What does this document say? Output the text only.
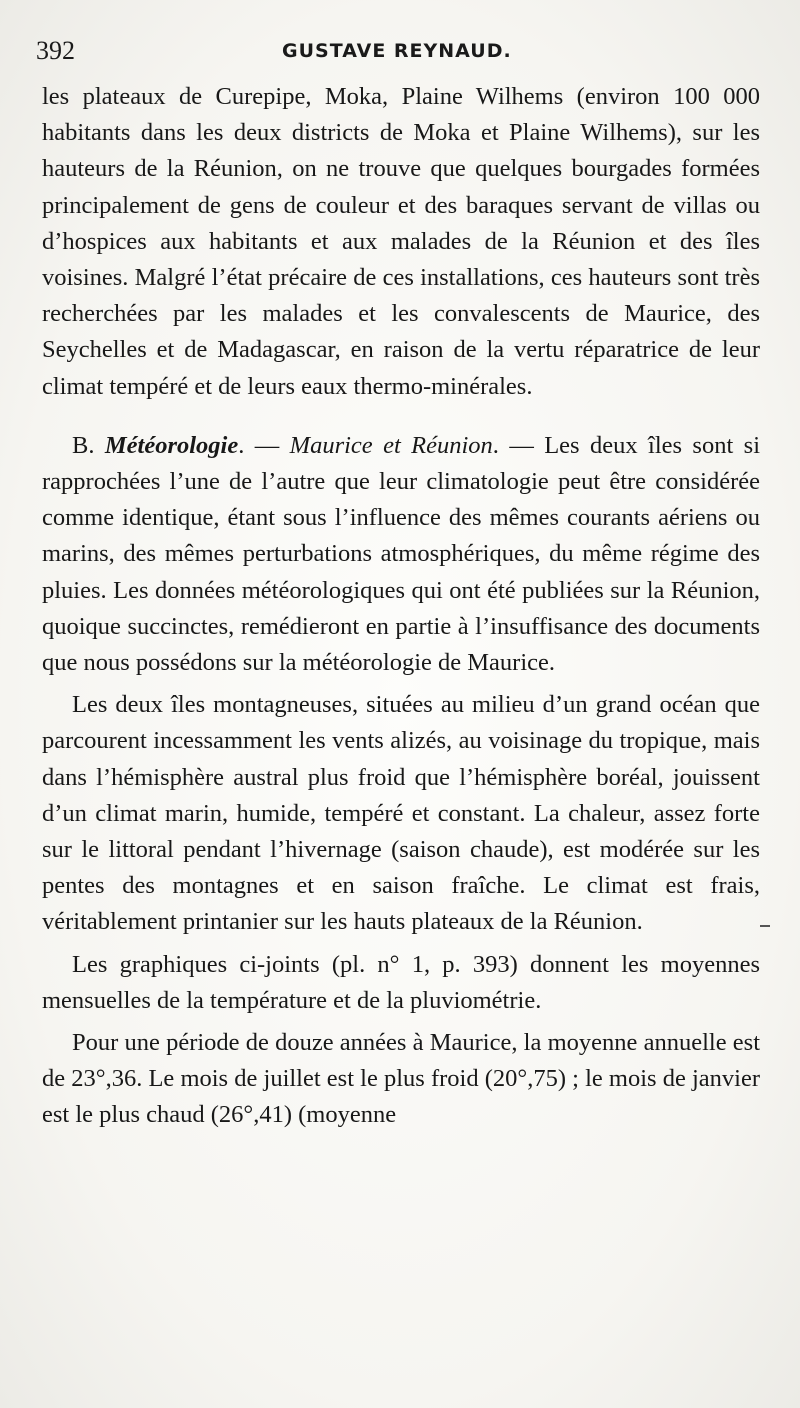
392	GUSTAVE REYNAUD.

les plateaux de Curepipe, Moka, Plaine Wilhems (environ 100 000 habitants dans les deux districts de Moka et Plaine Wilhems), sur les hauteurs de la Réunion, on ne trouve que quelques bourgades formées principalement de gens de couleur et des baraques servant de villas ou d’hospices aux habitants et aux malades de la Réunion et des îles voisines. Malgré l’état précaire de ces installations, ces hauteurs sont très recherchées par les malades et les convalescents de Maurice, des Seychelles et de Madagascar, en raison de la vertu réparatrice de leur climat tempéré et de leurs eaux thermo-minérales.

B. Météorologie. — Maurice et Réunion. — Les deux îles sont si rapprochées l’une de l’autre que leur climatologie peut être considérée comme identique, étant sous l’influence des mêmes courants aériens ou marins, des mêmes perturbations atmosphériques, du même régime des pluies. Les données météorologiques qui ont été publiées sur la Réunion, quoique succinctes, remédieront en partie à l’insuffisance des documents que nous possédons sur la météorologie de Maurice.

Les deux îles montagneuses, situées au milieu d’un grand océan que parcourent incessamment les vents alizés, au voisinage du tropique, mais dans l’hémisphère austral plus froid que l’hémisphère boréal, jouissent d’un climat marin, humide, tempéré et constant. La chaleur, assez forte sur le littoral pendant l’hivernage (saison chaude), est modérée sur les pentes des montagnes et en saison fraîche. Le climat est frais, véritablement printanier sur les hauts plateaux de la Réunion.

Les graphiques ci-joints (pl. n° 1, p. 393) donnent les moyennes mensuelles de la température et de la pluviométrie.

Pour une période de douze années à Maurice, la moyenne annuelle est de 23°,36. Le mois de juillet est le plus froid (20°,75) ; le mois de janvier est le plus chaud (26°,41) (moyenne
